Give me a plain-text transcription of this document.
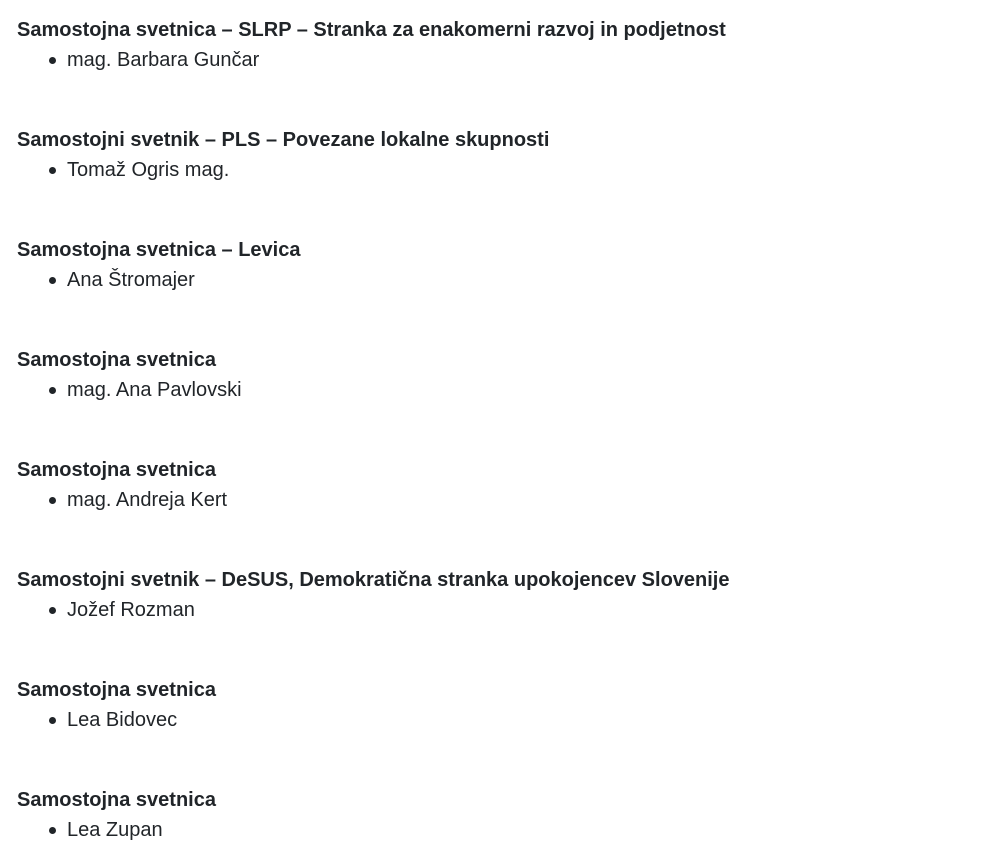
Samostojna svetnica – SLRP – Stranka za enakomerni razvoj in podjetnost
mag. Barbara Gunčar
Samostojni svetnik – PLS – Povezane lokalne skupnosti
Tomaž Ogris mag.
Samostojna svetnica – Levica
Ana Štromajer
Samostojna svetnica
mag. Ana Pavlovski
Samostojna svetnica
mag. Andreja Kert
Samostojni svetnik – DeSUS, Demokratična stranka upokojencev Slovenije
Jožef Rozman
Samostojna svetnica
Lea Bidovec
Samostojna svetnica
Lea Zupan
